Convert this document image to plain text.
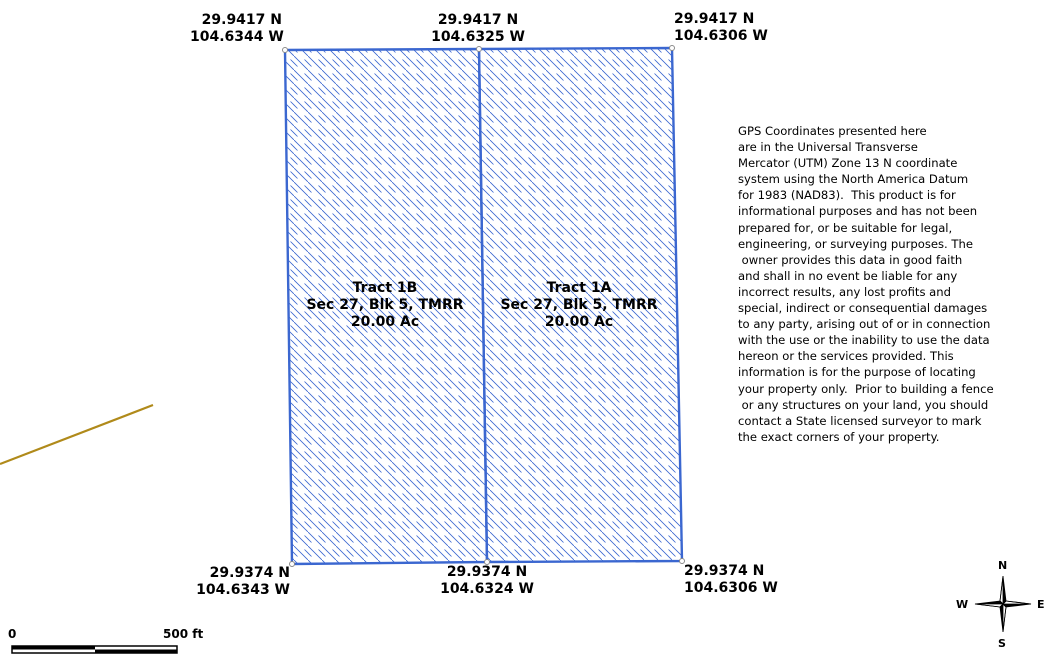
29.9417 N
104.6344 W
29.9417 N
104.6325 W
29.9417 N
104.6306 W
29.9374 N
104.6343 W
29.9374 N
104.6324 W
29.9374 N
104.6306 W
Tract 1B
Sec 27, Blk 5, TMRR
20.00 Ac
Tract 1A
Sec 27, Blk 5, TMRR
20.00 Ac
GPS Coordinates presented here
are in the Universal Transverse
Mercator (UTM) Zone 13 N coordinate
system using the North America Datum
for 1983 (NAD83).  This product is for
informational purposes and has not been
prepared for, or be suitable for legal,
engineering, or surveying purposes. The
owner provides this data in good faith
and shall in no event be liable for any
incorrect results, any lost profits and
special, indirect or consequential damages
to any party, arising out of or in connection
with the use or the inability to use the data
hereon or the services provided. This
information is for the purpose of locating
your property only.  Prior to building a fence
or any structures on your land, you should
contact a State licensed surveyor to mark
the exact corners of your property.
0	500 ft
N
S
W	E
